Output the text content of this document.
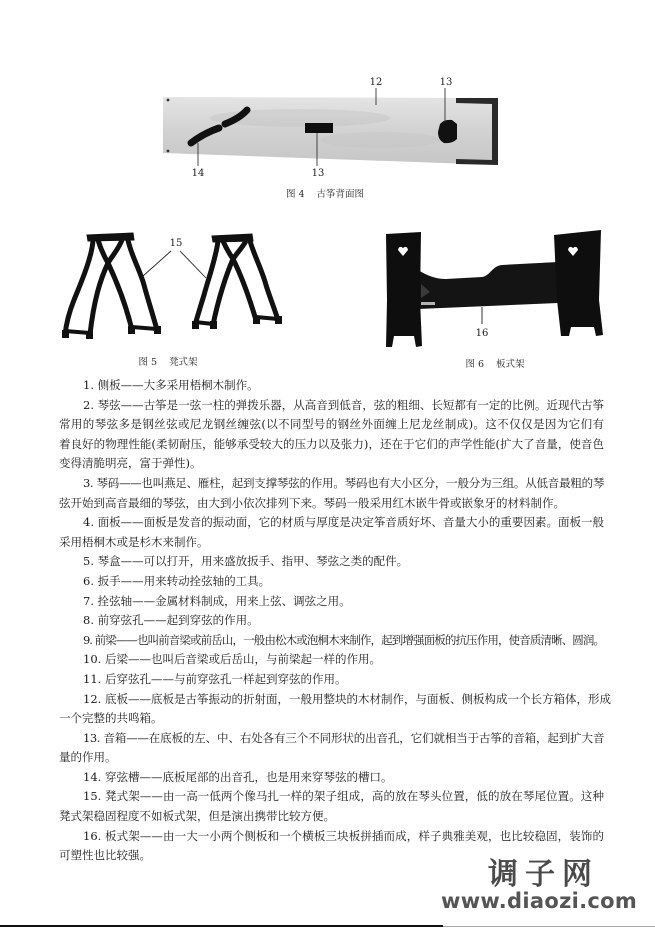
12	13
14	13
图 4 古筝背面图
15
图 5 凳式架
16
图 6 板式架
1. 侧板——大多采用梧桐木制作。
2. 琴弦——古筝是一弦一柱的弹拨乐器，从高音到低音，弦的粗细、长短都有一定的比例。近现代古筝
常用的琴弦多是钢丝弦或尼龙钢丝缠弦(以不同型号的钢丝外面缠上尼龙丝制成)。这不仅仅是因为它们有
着良好的物理性能(柔韧耐压，能够承受较大的压力以及张力)，还在于它们的声学性能(扩大了音量，使音色
变得清脆明亮，富于弹性)。
3. 琴码——也叫燕足、雁柱，起到支撑琴弦的作用。琴码也有大小区分，一般分为三组。从低音最粗的琴
弦开始到高音最细的琴弦，由大到小依次排列下来。琴码一般采用红木嵌牛骨或嵌象牙的材料制作。
4. 面板——面板是发音的振动面，它的材质与厚度是决定筝音质好坏、音量大小的重要因素。面板一般
采用梧桐木或是杉木来制作。
5. 琴盒——可以打开，用来盛放扳手、指甲、琴弦之类的配件。
6. 扳手——用来转动拴弦轴的工具。
7. 拴弦轴——金属材料制成，用来上弦、调弦之用。
8. 前穿弦孔——起到穿弦的作用。
9. 前梁——也叫前音梁或前岳山，一般由松木或泡桐木来制作，起到增强面板的抗压作用，使音质清晰、圆润。
10. 后梁——也叫后音梁或后岳山，与前梁起一样的作用。
11. 后穿弦孔——与前穿弦孔一样起到穿弦的作用。
12. 底板——底板是古筝振动的折射面，一般用整块的木材制作，与面板、侧板构成一个长方箱体，形成
一个完整的共鸣箱。
13. 音箱——在底板的左、中、右处各有三个不同形状的出音孔，它们就相当于古筝的音箱，起到扩大音
量的作用。
14. 穿弦槽——底板尾部的出音孔，也是用来穿琴弦的槽口。
15. 凳式架——由一高一低两个像马扎一样的架子组成，高的放在琴头位置，低的放在琴尾位置。这种
凳式架稳固程度不如板式架，但是演出携带比较方便。
16. 板式架——由一大一小两个侧板和一个横板三块板拼插而成，样子典雅美观，也比较稳固，装饰的
可塑性也比较强。
调子网
www.diaozi.com
